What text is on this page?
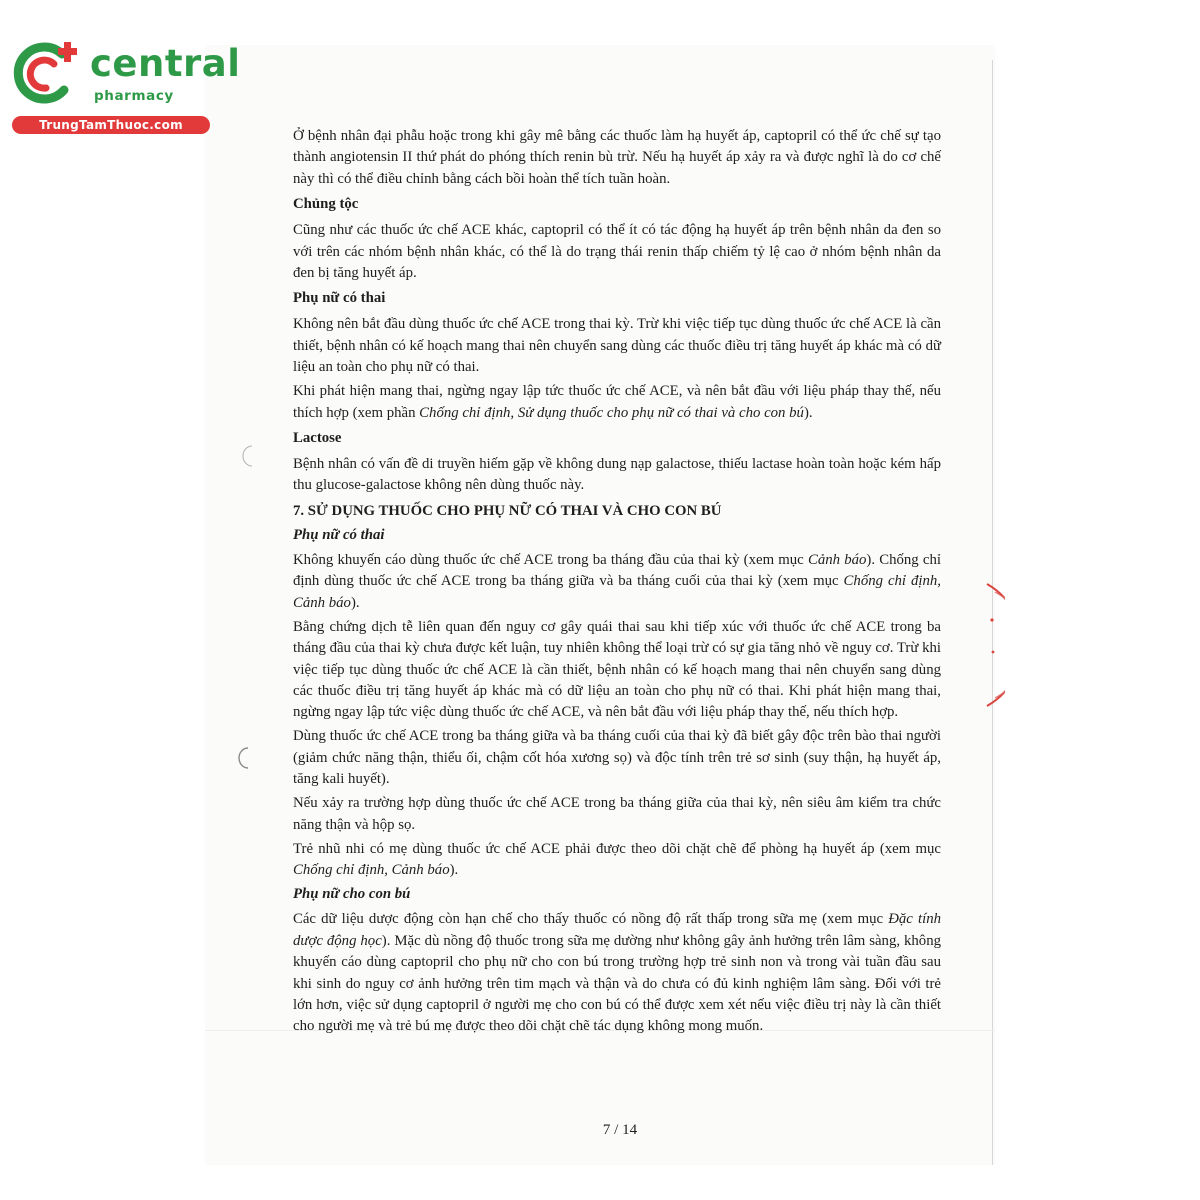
central
pharmacy
TrungTamThuoc.com

Ở bệnh nhân đại phẫu hoặc trong khi gây mê bằng các thuốc làm hạ huyết áp, captopril có thể ức chế sự tạo thành angiotensin II thứ phát do phóng thích renin bù trừ. Nếu hạ huyết áp xảy ra và được nghĩ là do cơ chế này thì có thể điều chỉnh bằng cách bồi hoàn thể tích tuần hoàn.

Chủng tộc

Cũng như các thuốc ức chế ACE khác, captopril có thể ít có tác động hạ huyết áp trên bệnh nhân da đen so với trên các nhóm bệnh nhân khác, có thể là do trạng thái renin thấp chiếm tỷ lệ cao ở nhóm bệnh nhân da đen bị tăng huyết áp.

Phụ nữ có thai

Không nên bắt đầu dùng thuốc ức chế ACE trong thai kỳ. Trừ khi việc tiếp tục dùng thuốc ức chế ACE là cần thiết, bệnh nhân có kế hoạch mang thai nên chuyển sang dùng các thuốc điều trị tăng huyết áp khác mà có dữ liệu an toàn cho phụ nữ có thai.

Khi phát hiện mang thai, ngừng ngay lập tức thuốc ức chế ACE, và nên bắt đầu với liệu pháp thay thế, nếu thích hợp (xem phần Chống chỉ định, Sử dụng thuốc cho phụ nữ có thai và cho con bú).

Lactose

Bệnh nhân có vấn đề di truyền hiếm gặp về không dung nạp galactose, thiếu lactase hoàn toàn hoặc kém hấp thu glucose-galactose không nên dùng thuốc này.

7. SỬ DỤNG THUỐC CHO PHỤ NỮ CÓ THAI VÀ CHO CON BÚ
Phụ nữ có thai

Không khuyến cáo dùng thuốc ức chế ACE trong ba tháng đầu của thai kỳ (xem mục Cảnh báo). Chống chỉ định dùng thuốc ức chế ACE trong ba tháng giữa và ba tháng cuối của thai kỳ (xem mục Chống chỉ định, Cảnh báo).

Bằng chứng dịch tễ liên quan đến nguy cơ gây quái thai sau khi tiếp xúc với thuốc ức chế ACE trong ba tháng đầu của thai kỳ chưa được kết luận, tuy nhiên không thể loại trừ có sự gia tăng nhỏ về nguy cơ. Trừ khi việc tiếp tục dùng thuốc ức chế ACE là cần thiết, bệnh nhân có kế hoạch mang thai nên chuyển sang dùng các thuốc điều trị tăng huyết áp khác mà có dữ liệu an toàn cho phụ nữ có thai. Khi phát hiện mang thai, ngừng ngay lập tức việc dùng thuốc ức chế ACE, và nên bắt đầu với liệu pháp thay thế, nếu thích hợp.

Dùng thuốc ức chế ACE trong ba tháng giữa và ba tháng cuối của thai kỳ đã biết gây độc trên bào thai người (giảm chức năng thận, thiểu ối, chậm cốt hóa xương sọ) và độc tính trên trẻ sơ sinh (suy thận, hạ huyết áp, tăng kali huyết).

Nếu xảy ra trường hợp dùng thuốc ức chế ACE trong ba tháng giữa của thai kỳ, nên siêu âm kiểm tra chức năng thận và hộp sọ.

Trẻ nhũ nhi có mẹ dùng thuốc ức chế ACE phải được theo dõi chặt chẽ để phòng hạ huyết áp (xem mục Chống chỉ định, Cảnh báo).

Phụ nữ cho con bú

Các dữ liệu dược động còn hạn chế cho thấy thuốc có nồng độ rất thấp trong sữa mẹ (xem mục Đặc tính dược động học). Mặc dù nồng độ thuốc trong sữa mẹ dường như không gây ảnh hưởng trên lâm sàng, không khuyến cáo dùng captopril cho phụ nữ cho con bú trong trường hợp trẻ sinh non và trong vài tuần đầu sau khi sinh do nguy cơ ảnh hưởng trên tim mạch và thận và do chưa có đủ kinh nghiệm lâm sàng. Đối với trẻ lớn hơn, việc sử dụng captopril ở người mẹ cho con bú có thể được xem xét nếu việc điều trị này là cần thiết cho người mẹ và trẻ bú mẹ được theo dõi chặt chẽ tác dụng không mong muốn.

7 / 14
